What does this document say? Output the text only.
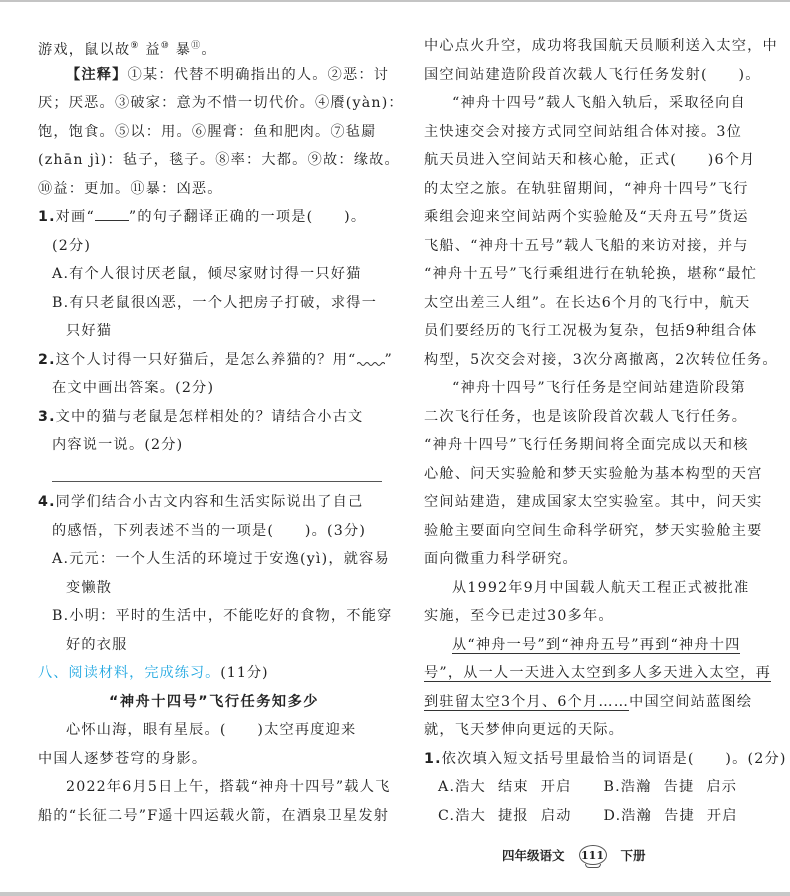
游戏，鼠以故⑨ 益⑩ 暴⑪。
【注释】①某：代替不明确指出的人。②恶：讨
厌；厌恶。③破家：意为不惜一切代价。④餍(yàn)：
饱，饱食。⑤以：用。⑥腥膏：鱼和肥肉。⑦毡罽
(zhān jì)：毡子，毯子。⑧率：大都。⑨故：缘故。
⑩益：更加。⑪暴：凶恶。
1.对画“ ”的句子翻译正确的一项是(　　)。
(2分)
A.有个人很讨厌老鼠，倾尽家财讨得一只好猫
B.有只老鼠很凶恶，一个人把房子打破，求得一
只好猫
2.这个人讨得一只好猫后，是怎么养猫的？用“ ”
在文中画出答案。(2分)
3.文中的猫与老鼠是怎样相处的？请结合小古文
内容说一说。(2分)
4.同学们结合小古文内容和生活实际说出了自己
的感悟，下列表述不当的一项是(　　)。(3分)
A.元元：一个人生活的环境过于安逸(yì)，就容易
变懒散
B.小明：平时的生活中，不能吃好的食物，不能穿
好的衣服
八、阅读材料，完成练习。(11分)
“神舟十四号”飞行任务知多少
心怀山海，眼有星辰。(　　)太空再度迎来
中国人逐梦苍穹的身影。
2022年6月5日上午，搭载“神舟十四号”载人飞
船的“长征二号”F遥十四运载火箭，在酒泉卫星发射
中心点火升空，成功将我国航天员顺利送入太空，中
国空间站建造阶段首次载人飞行任务发射(　　)。
“神舟十四号”载人飞船入轨后，采取径向自
主快速交会对接方式同空间站组合体对接。3位
航天员进入空间站天和核心舱，正式(　　)6个月
的太空之旅。在轨驻留期间，“神舟十四号”飞行
乘组会迎来空间站两个实验舱及“天舟五号”货运
飞船、“神舟十五号”载人飞船的来访对接，并与
“神舟十五号”飞行乘组进行在轨轮换，堪称“最忙
太空出差三人组”。在长达6个月的飞行中，航天
员们要经历的飞行工况极为复杂，包括9种组合体
构型，5次交会对接，3次分离撤离，2次转位任务。
“神舟十四号”飞行任务是空间站建造阶段第
二次飞行任务，也是该阶段首次载人飞行任务。
“神舟十四号”飞行任务期间将全面完成以天和核
心舱、问天实验舱和梦天实验舱为基本构型的天宫
空间站建造，建成国家太空实验室。其中，问天实
验舱主要面向空间生命科学研究，梦天实验舱主要
面向微重力科学研究。
从1992年9月中国载人航天工程正式被批准
实施，至今已走过30多年。
从“神舟一号”到“神舟五号”再到“神舟十四
号”，从一人一天进入太空到多人多天进入太空，再
到驻留太空3个月、6个月……中国空间站蓝图绘
就，飞天梦伸向更远的天际。
1.依次填入短文括号里最恰当的词语是(　　)。(2分)
A.浩大 结束 开启	B.浩瀚 告捷 启示
C.浩大 捷报 启动	D.浩瀚 告捷 开启
四年级语文 111 下册
